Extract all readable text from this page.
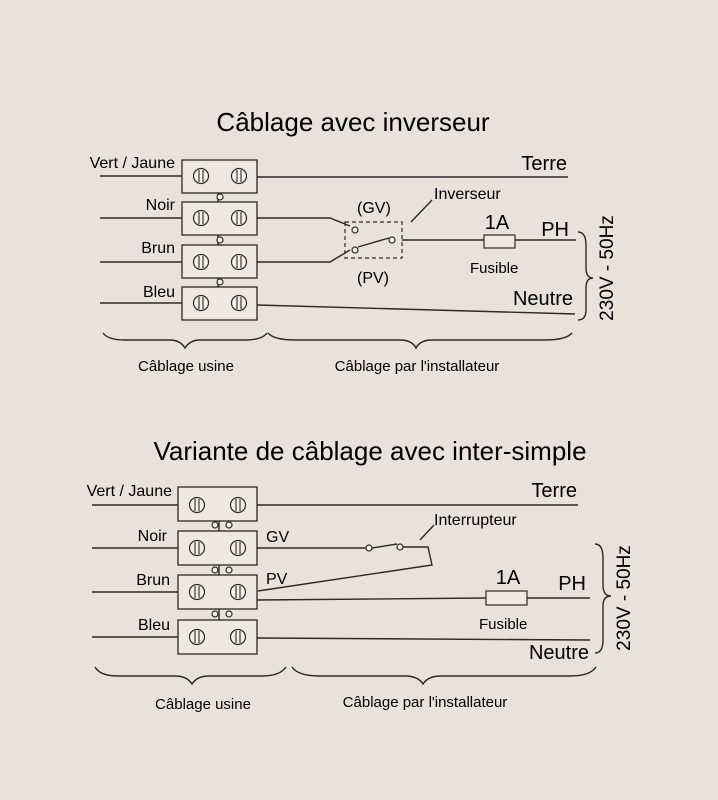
Câblage avec inverseur
Vert / Jaune
Noir
Brun
Bleu
Terre
(GV)
(PV)
Inverseur
1A PH
Fusible
Neutre 230V - 50Hz
Câblage usine	Câblage par l'installateur
Variante de câblage avec inter-simple
Vert / Jaune
Noir
Brun
Bleu
Terre
GV
Interrupteur
PV	1A PH
Fusible
Neutre
230V - 50Hz
Câblage usine	Câblage par l'installateur
